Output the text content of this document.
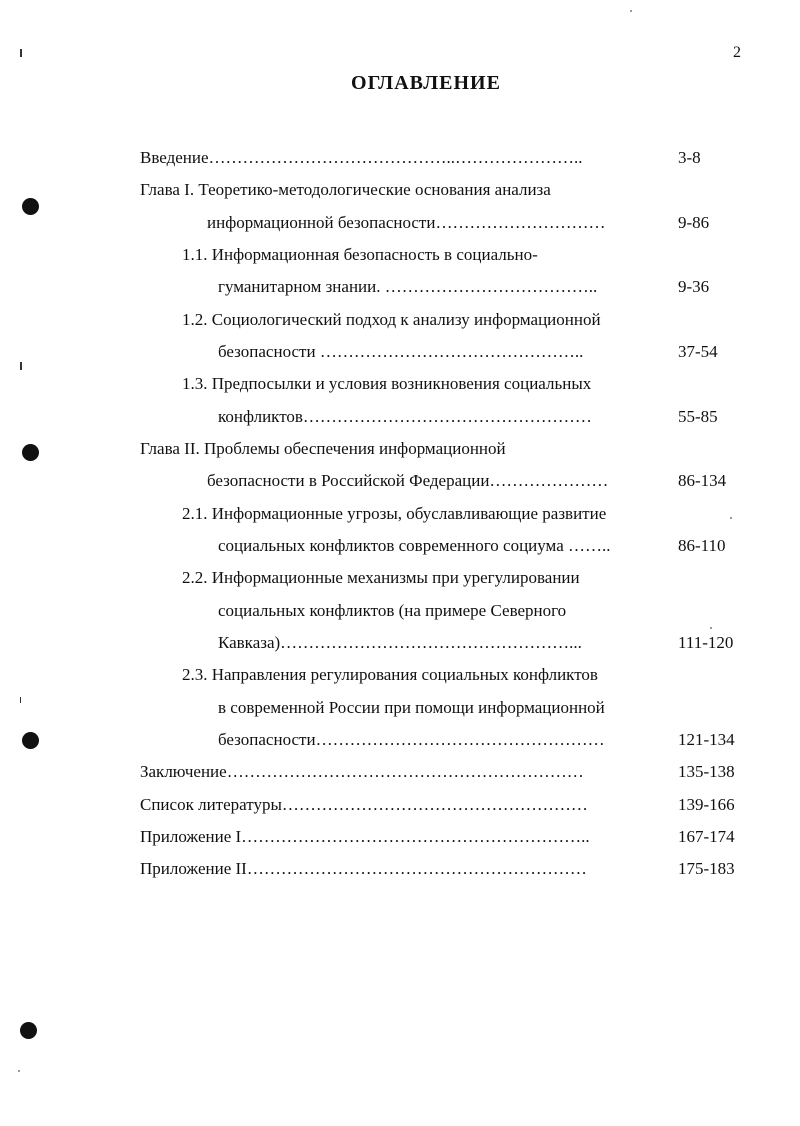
2
ОГЛАВЛЕНИЕ
Введение……………………………………..…………………..	3-8
Глава I. Теоретико-методологические основания анализа
информационной безопасности…………………………	9-86
1.1. Информационная безопасность в социально-
гуманитарном знании. ………………………………..	9-36
1.2. Социологический подход к анализу информационной
безопасности ………………………………………..	37-54
1.3. Предпосылки и условия возникновения социальных
конфликтов……………………………………………	55-85
Глава II. Проблемы обеспечения информационной
безопасности в Российской Федерации…………………	86-134
2.1. Информационные угрозы, обуславливающие развитие
социальных конфликтов современного социума ……..	86-110
2.2. Информационные механизмы при урегулировании
социальных конфликтов (на примере Северного
Кавказа)……………………………………………...	111-120
2.3. Направления регулирования социальных конфликтов
в современной России при помощи информационной
безопасности……………………………………………	121-134
Заключение………………………………………………………	135-138
Список литературы………………………………………………	139-166
Приложение I……………………………………………………..	167-174
Приложение II……………………………………………………	175-183
